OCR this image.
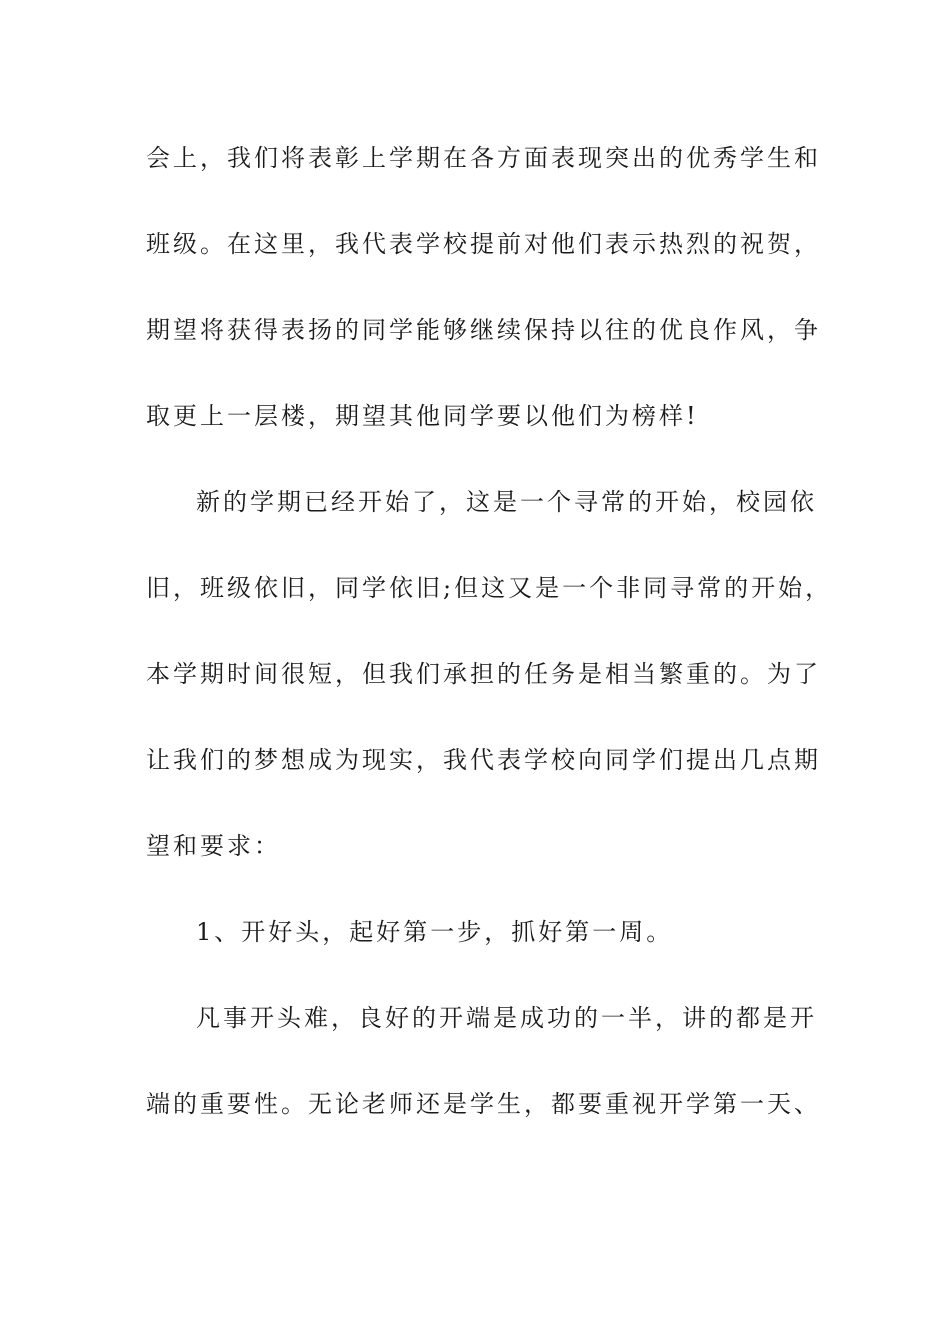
会上，我们将表彰上学期在各方面表现突出的优秀学生和
班级。在这里，我代表学校提前对他们表示热烈的祝贺，
期望将获得表扬的同学能够继续保持以往的优良作风，争
取更上一层楼，期望其他同学要以他们为榜样!
新的学期已经开始了，这是一个寻常的开始，校园依
旧，班级依旧，同学依旧;但这又是一个非同寻常的开始，
本学期时间很短，但我们承担的任务是相当繁重的。为了
让我们的梦想成为现实，我代表学校向同学们提出几点期
望和要求：
1、开好头，起好第一步，抓好第一周。
凡事开头难，良好的开端是成功的一半，讲的都是开
端的重要性。无论老师还是学生，都要重视开学第一天、
